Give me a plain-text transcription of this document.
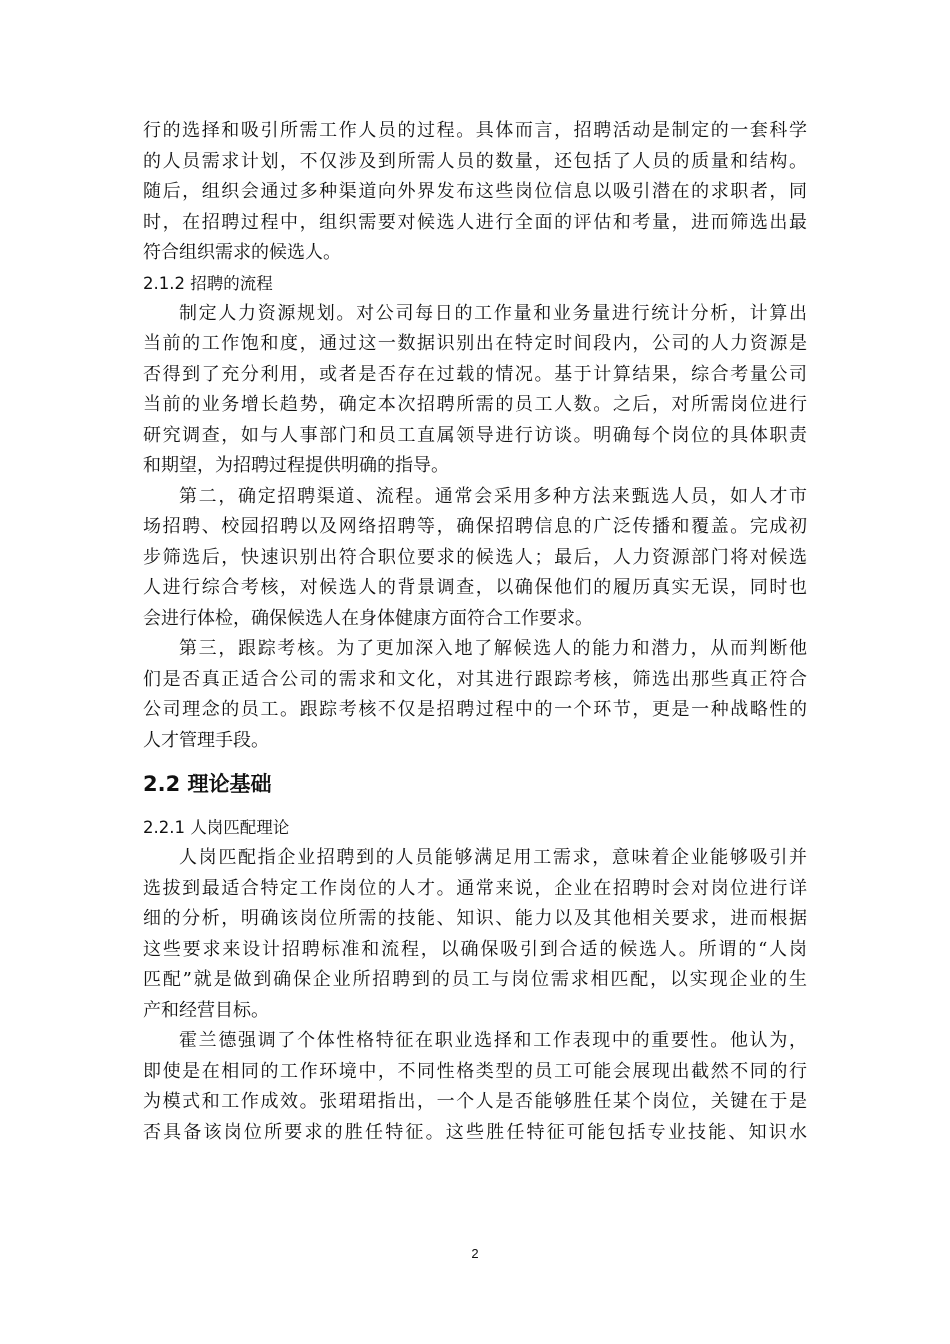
行的选择和吸引所需工作人员的过程。具体而言，招聘活动是制定的一套科学
的人员需求计划，不仅涉及到所需人员的数量，还包括了人员的质量和结构。
随后，组织会通过多种渠道向外界发布这些岗位信息以吸引潜在的求职者，同
时，在招聘过程中，组织需要对候选人进行全面的评估和考量，进而筛选出最
符合组织需求的候选人。
2.1.2 招聘的流程
制定人力资源规划。对公司每日的工作量和业务量进行统计分析，计算出
当前的工作饱和度，通过这一数据识别出在特定时间段内，公司的人力资源是
否得到了充分利用，或者是否存在过载的情况。基于计算结果，综合考量公司
当前的业务增长趋势，确定本次招聘所需的员工人数。之后，对所需岗位进行
研究调查，如与人事部门和员工直属领导进行访谈。明确每个岗位的具体职责
和期望，为招聘过程提供明确的指导。
第二，确定招聘渠道、流程。通常会采用多种方法来甄选人员，如人才市
场招聘、校园招聘以及网络招聘等，确保招聘信息的广泛传播和覆盖。完成初
步筛选后，快速识别出符合职位要求的候选人；最后，人力资源部门将对候选
人进行综合考核，对候选人的背景调查，以确保他们的履历真实无误，同时也
会进行体检，确保候选人在身体健康方面符合工作要求。
第三，跟踪考核。为了更加深入地了解候选人的能力和潜力，从而判断他
们是否真正适合公司的需求和文化，对其进行跟踪考核，筛选出那些真正符合
公司理念的员工。跟踪考核不仅是招聘过程中的一个环节，更是一种战略性的
人才管理手段。
2.2 理论基础
2.2.1 人岗匹配理论
人岗匹配指企业招聘到的人员能够满足用工需求，意味着企业能够吸引并
选拔到最适合特定工作岗位的人才。通常来说，企业在招聘时会对岗位进行详
细的分析，明确该岗位所需的技能、知识、能力以及其他相关要求，进而根据
这些要求来设计招聘标准和流程，以确保吸引到合适的候选人。所谓的“人岗
匹配”就是做到确保企业所招聘到的员工与岗位需求相匹配，以实现企业的生
产和经营目标。
霍兰德强调了个体性格特征在职业选择和工作表现中的重要性。他认为，
即使是在相同的工作环境中，不同性格类型的员工可能会展现出截然不同的行
为模式和工作成效。张珺珺指出，一个人是否能够胜任某个岗位，关键在于是
否具备该岗位所要求的胜任特征。这些胜任特征可能包括专业技能、知识水
2
